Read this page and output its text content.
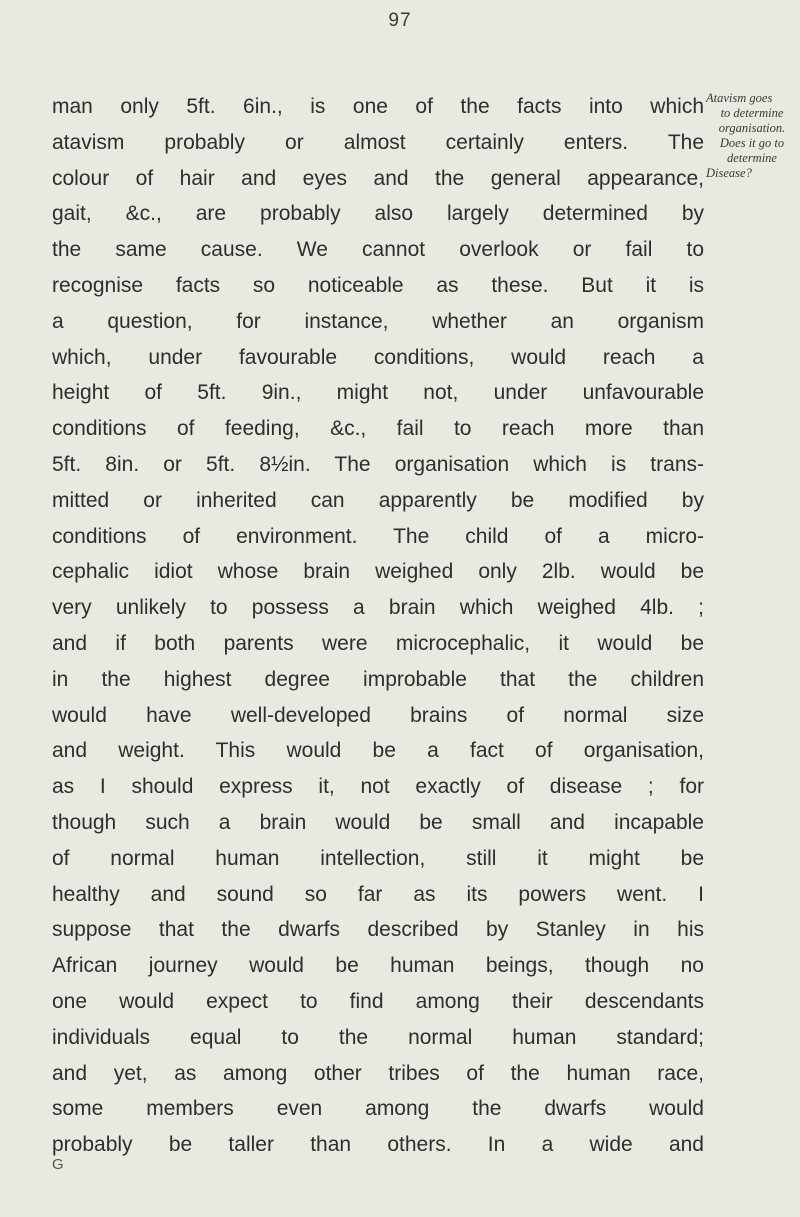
97
man only 5ft. 6in., is one of the facts into which
atavism probably or almost certainly enters. The
colour of hair and eyes and the general appearance,
gait, &c., are probably also largely determined by
the same cause. We cannot overlook or fail to
recognise facts so noticeable as these. But it is
a question, for instance, whether an organism
which, under favourable conditions, would reach a
height of 5ft. 9in., might not, under unfavourable
conditions of feeding, &c., fail to reach more than
5ft. 8in. or 5ft. 8½in. The organisation which is trans-
mitted or inherited can apparently be modified by
conditions of environment. The child of a micro-
cephalic idiot whose brain weighed only 2lb. would be
very unlikely to possess a brain which weighed 4lb. ;
and if both parents were microcephalic, it would be
in the highest degree improbable that the children
would have well-developed brains of normal size
and weight. This would be a fact of organisation,
as I should express it, not exactly of disease ; for
though such a brain would be small and incapable
of normal human intellection, still it might be
healthy and sound so far as its powers went. I
suppose that the dwarfs described by Stanley in his
African journey would be human beings, though no
one would expect to find among their descendants
individuals equal to the normal human standard;
and yet, as among other tribes of the human race,
some members even among the dwarfs would
probably be taller than others. In a wide and
Atavism goes
to determine
organisation.
Does it go to
determine
Disease?
G
